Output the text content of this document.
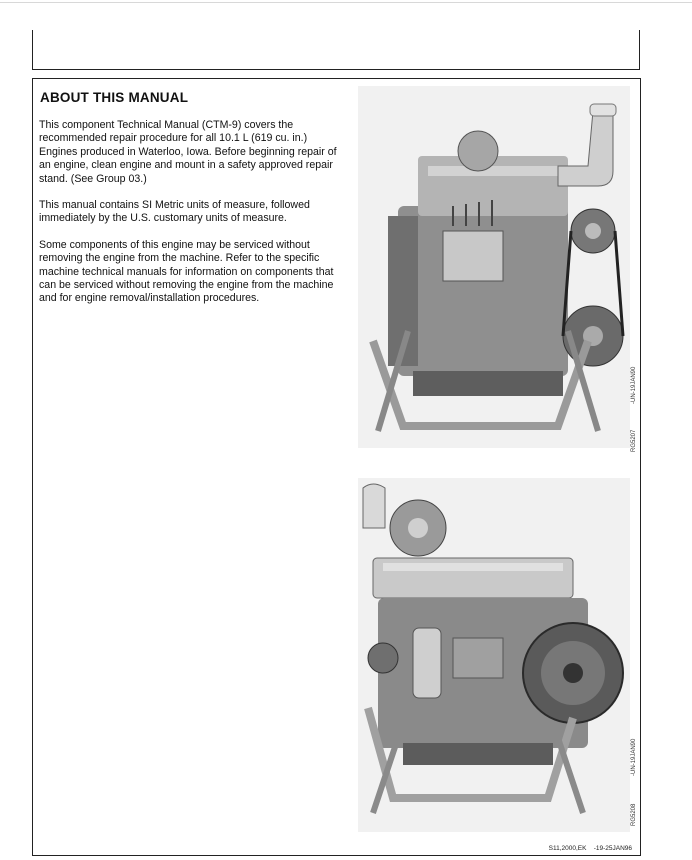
ABOUT THIS MANUAL

This component Technical Manual (CTM-9) covers the recommended repair procedure for all 10.1 L (619 cu. in.) Engines produced in Waterloo, Iowa. Before beginning repair of an engine, clean engine and mount in a safety approved repair stand. (See Group 03.)

This manual contains SI Metric units of measure, followed immediately by the U.S. customary units of measure.

Some components of this engine may be serviced without removing the engine from the machine. Refer to the specific machine technical manuals for information on components that can be serviced without removing the engine from the machine and for engine removal/installation procedures.

RG5207
-UN-19JAN90
RG5208
-UN-19JAN90
S11,2000,EK    -19-25JAN96
